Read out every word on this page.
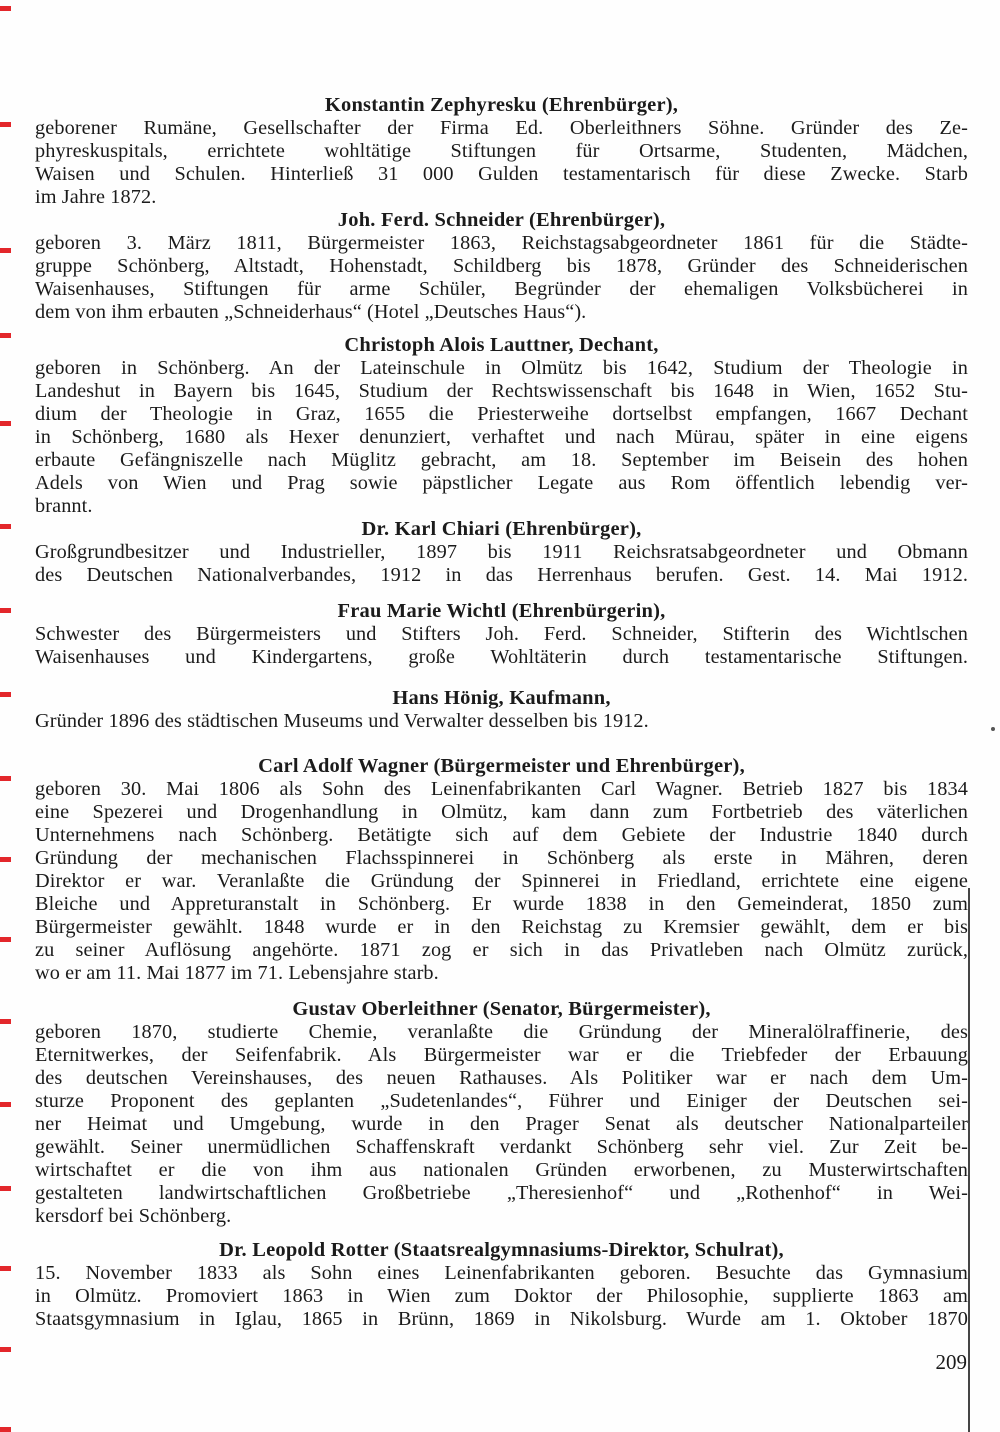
Konstantin Zephyresku (Ehrenbürger),
geborener Rumäne, Gesellschafter der Firma Ed. Oberleithners Söhne. Gründer des Ze-
phyreskuspitals, errichtete wohltätige Stiftungen für Ortsarme, Studenten, Mädchen,
Waisen und Schulen. Hinterließ 31 000 Gulden testamentarisch für diese Zwecke. Starb
im Jahre 1872.
Joh. Ferd. Schneider (Ehrenbürger),
geboren 3. März 1811, Bürgermeister 1863, Reichstagsabgeordneter 1861 für die Städte-
gruppe Schönberg, Altstadt, Hohenstadt, Schildberg bis 1878, Gründer des Schneiderischen
Waisenhauses, Stiftungen für arme Schüler, Begründer der ehemaligen Volksbücherei in
dem von ihm erbauten „Schneiderhaus“ (Hotel „Deutsches Haus“).
Christoph Alois Lauttner, Dechant,
geboren in Schönberg. An der Lateinschule in Olmütz bis 1642, Studium der Theologie in
Landeshut in Bayern bis 1645, Studium der Rechtswissenschaft bis 1648 in Wien, 1652 Stu-
dium der Theologie in Graz, 1655 die Priesterweihe dortselbst empfangen, 1667 Dechant
in Schönberg, 1680 als Hexer denunziert, verhaftet und nach Mürau, später in eine eigens
erbaute Gefängniszelle nach Müglitz gebracht, am 18. September im Beisein des hohen
Adels von Wien und Prag sowie päpstlicher Legate aus Rom öffentlich lebendig ver-
brannt.
Dr. Karl Chiari (Ehrenbürger),
Großgrundbesitzer und Industrieller, 1897 bis 1911 Reichsratsabgeordneter und Obmann
des Deutschen Nationalverbandes, 1912 in das Herrenhaus berufen. Gest. 14. Mai 1912.
Frau Marie Wichtl (Ehrenbürgerin),
Schwester des Bürgermeisters und Stifters Joh. Ferd. Schneider, Stifterin des Wichtlschen
Waisenhauses und Kindergartens, große Wohltäterin durch testamentarische Stiftungen.
Hans Hönig, Kaufmann,
Gründer 1896 des städtischen Museums und Verwalter desselben bis 1912.
Carl Adolf Wagner (Bürgermeister und Ehrenbürger),
geboren 30. Mai 1806 als Sohn des Leinenfabrikanten Carl Wagner. Betrieb 1827 bis 1834
eine Spezerei und Drogenhandlung in Olmütz, kam dann zum Fortbetrieb des väterlichen
Unternehmens nach Schönberg. Betätigte sich auf dem Gebiete der Industrie 1840 durch
Gründung der mechanischen Flachsspinnerei in Schönberg als erste in Mähren, deren
Direktor er war. Veranlaßte die Gründung der Spinnerei in Friedland, errichtete eine eigene
Bleiche und Appreturanstalt in Schönberg. Er wurde 1838 in den Gemeinderat, 1850 zum
Bürgermeister gewählt. 1848 wurde er in den Reichstag zu Kremsier gewählt, dem er bis
zu seiner Auflösung angehörte. 1871 zog er sich in das Privatleben nach Olmütz zurück,
wo er am 11. Mai 1877 im 71. Lebensjahre starb.
Gustav Oberleithner (Senator, Bürgermeister),
geboren 1870, studierte Chemie, veranlaßte die Gründung der Mineralölraffinerie, des
Eternitwerkes, der Seifenfabrik. Als Bürgermeister war er die Triebfeder der Erbauung
des deutschen Vereinshauses, des neuen Rathauses. Als Politiker war er nach dem Um-
sturze Proponent des geplanten „Sudetenlandes“, Führer und Einiger der Deutschen sei-
ner Heimat und Umgebung, wurde in den Prager Senat als deutscher Nationalparteiler
gewählt. Seiner unermüdlichen Schaffenskraft verdankt Schönberg sehr viel. Zur Zeit be-
wirtschaftet er die von ihm aus nationalen Gründen erworbenen, zu Musterwirtschaften
gestalteten landwirtschaftlichen Großbetriebe „Theresienhof“ und „Rothenhof“ in Wei-
kersdorf bei Schönberg.
Dr. Leopold Rotter (Staatsrealgymnasiums-Direktor, Schulrat),
15. November 1833 als Sohn eines Leinenfabrikanten geboren. Besuchte das Gymnasium
in Olmütz. Promoviert 1863 in Wien zum Doktor der Philosophie, supplierte 1863 am
Staatsgymnasium in Iglau, 1865 in Brünn, 1869 in Nikolsburg. Wurde am 1. Oktober 1870
209
